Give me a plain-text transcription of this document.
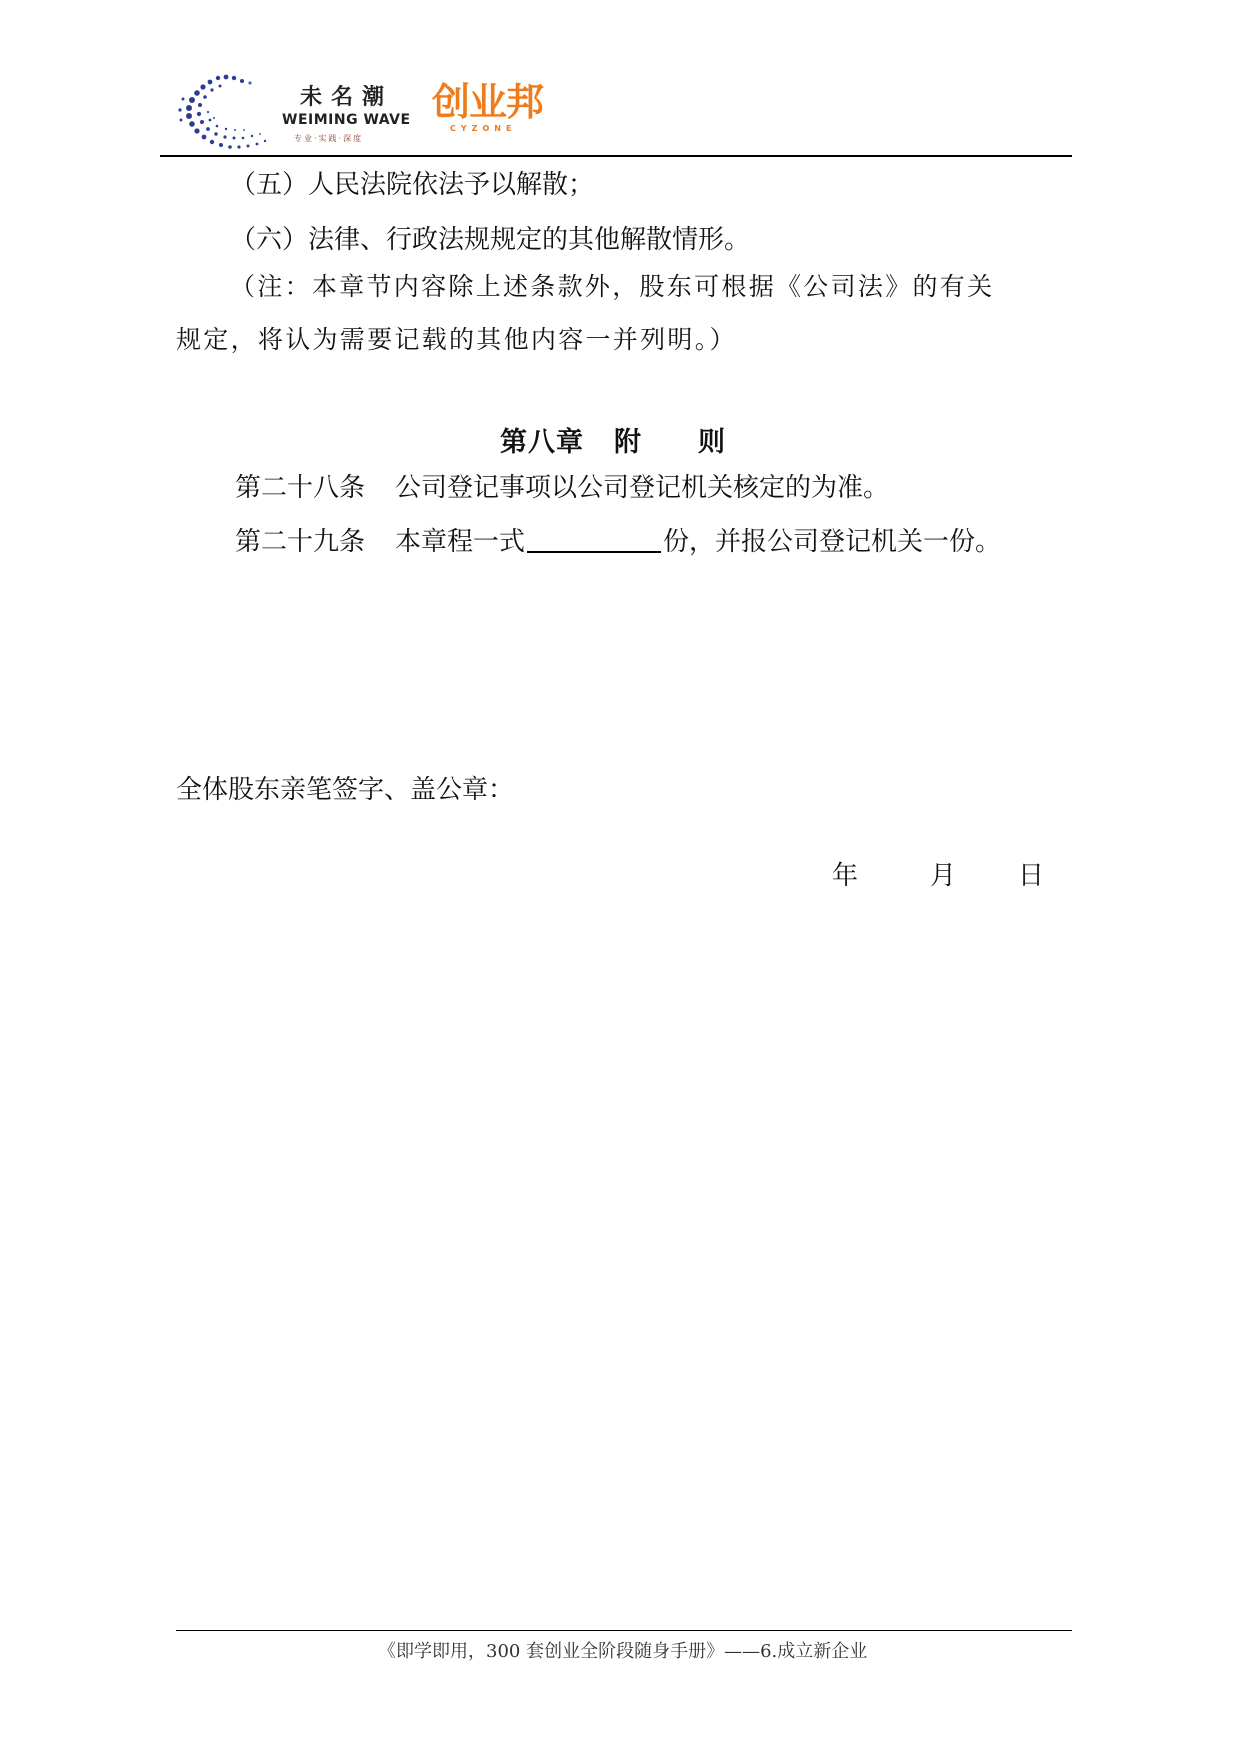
未名潮
WEIMING WAVE
专业·实践·深度
创业邦
CYZONE
（五）人民法院依法予以解散；
（六）法律、行政法规规定的其他解散情形。
（注：本章节内容除上述条款外，股东可根据《公司法》的有关
规定，将认为需要记载的其他内容一并列明。）
第八章 附 则
第二十八条 公司登记事项以公司登记机关核定的为准。
第二十九条 本章程一式	份，并报公司登记机关一份。
全体股东亲笔签字、盖公章：
年	月 日
《即学即用，300 套创业全阶段随身手册》——6.成立新企业
